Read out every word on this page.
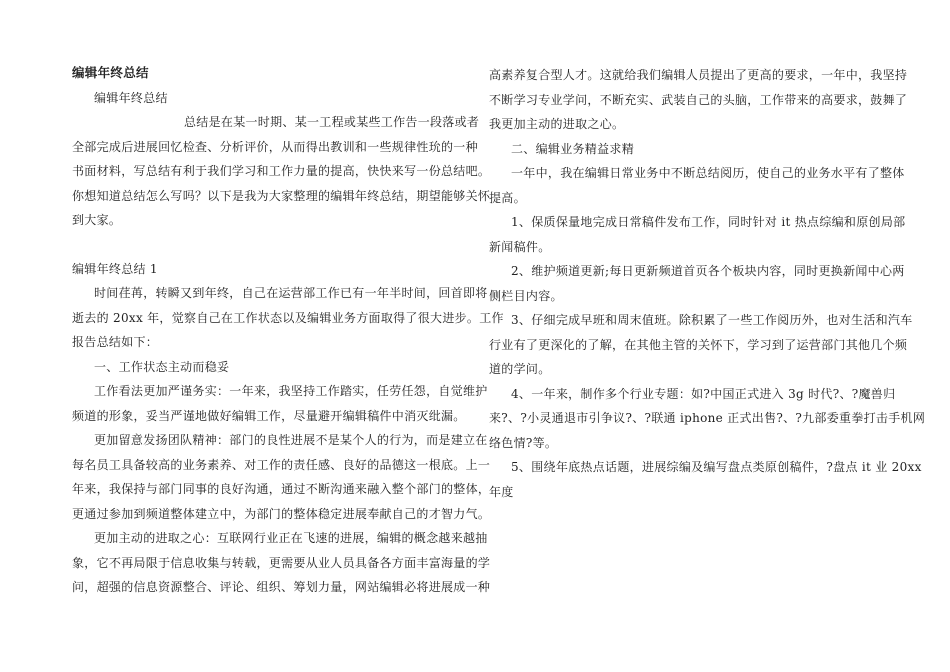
编辑年终总结

编辑年终总结

总结是在某一时期、某一工程或某些工作告一段落或者

全部完成后进展回忆检查、分析评价，从而得出教训和一些规律性玧的一种

书面材料，写总结有利于我们学习和工作力量的提高，快快来写一份总结吧。

你想知道总结怎么写吗？以下是我为大家整理的编辑年终总结，期望能够关怀

到大家。

编辑年终总结 1

时间荏苒，转瞬又到年终，自己在运营部工作已有一年半时间，回首即将

逝去的 20xx 年，觉察自己在工作状态以及编辑业务方面取得了很大进步。工作

报告总结如下：

一、工作状态主动而稳妥

工作看法更加严谨务实：一年来，我坚持工作踏实，任劳任怨，自觉维护

频道的形象，妥当严谨地做好编辑工作，尽量避开编辑稿件中消灭纰漏。

更加留意发扬团队精神：部门的良性进展不是某个人的行为，而是建立在

每名员工具备较高的业务素养、对工作的责任感、良好的品德这一根底。上一

年来，我保持与部门同事的良好沟通，通过不断沟通来融入整个部门的整体，

更通过参加到频道整体建立中，为部门的整体稳定进展奉献自己的才智力气。

更加主动的进取之心：互联网行业正在飞速的进展，编辑的概念越来越抽

象，它不再局限于信息收集与转载，更需要从业人员具备各方面丰富海量的学

问，超强的信息资源整合、评论、组织、筹划力量，网站编辑必将进展成一种

高素养复合型人才。这就给我们编辑人员提出了更高的要求，一年中，我坚持

不断学习专业学问，不断充实、武装自己的头脑，工作带来的高要求，鼓舞了

我更加主动的进取之心。

二、编辑业务精益求精

一年中，我在编辑日常业务中不断总结阅历，使自己的业务水平有了整体

提高。

1、保质保量地完成日常稿件发布工作，同时针对 it 热点综编和原创局部

新闻稿件。

2、维护频道更新;每日更新频道首页各个板块内容，同时更换新闻中心两

侧栏目内容。

3、仔细完成早班和周末值班。除积累了一些工作阅历外，也对生活和汽车

行业有了更深化的了解，在其他主管的关怀下，学习到了运营部门其他几个频

道的学问。

4、一年来，制作多个行业专题：如?中国正式进入 3g 时代?、?魔兽归

来?、?小灵通退市引争议?、?联通 iphone 正式出售?、?九部委重拳打击手机网

络色情?等。

5、围绕年底热点话题，进展综编及编写盘点类原创稿件，?盘点 it 业 20xx

年度
